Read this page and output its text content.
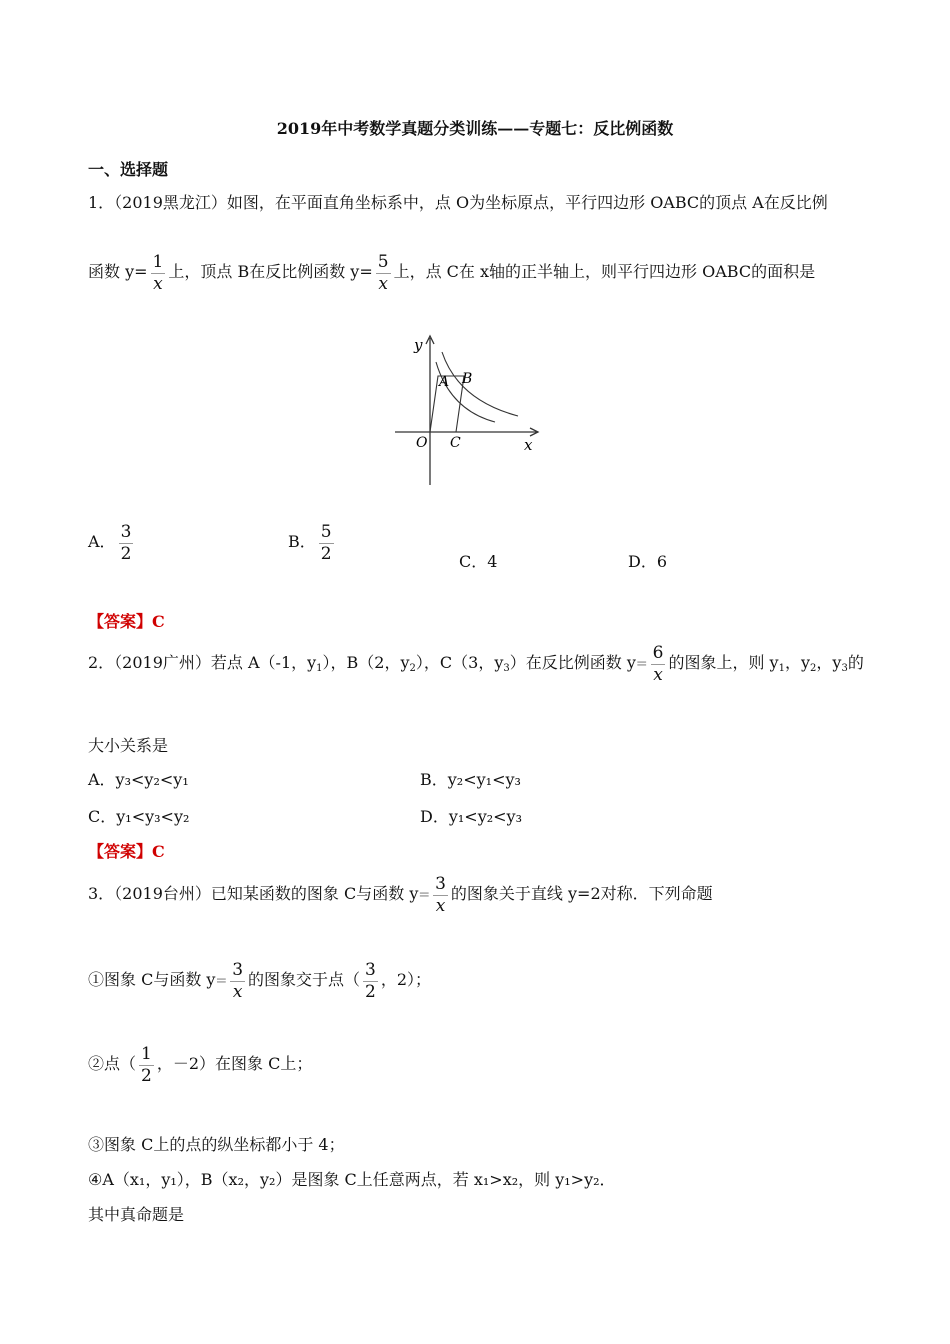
2019年中考数学真题分类训练——专题七：反比例函数
一、选择题
1．（2019黑龙江）如图，在平面直角坐标系中，点 O为坐标原点，平行四边形 OABC的顶点 A在反比例
函数 $y= \frac{1}{x}$ 上，顶点 B在反比例函数 $y= \frac{5}{x}$ 上，点 C在 x轴的正半轴上，则平行四边形 OABC的面积是
y
x
O
A B
C
A． $\frac{3}{2}$	B． $\frac{5}{2}$	C．4	D．6
【答案】C
2．（2019广州）若点 A（-1，$y_1$），B（2，$y_2$），C（3，$y_3$）在反比例函数 $y= \frac{6}{x}$ 的图象上，则 $y_1$，$y_2$，$y_3$的
大小关系是
A．y₃<y₂<y₁	B．y₂<y₁<y₃
C．y₁<y₃<y₂	D．y₁<y₂<y₃
【答案】C
3．（2019台州）已知某函数的图象 C与函数 $y= \frac{3}{x}$ 的图象关于直线 y=2对称．下列命题
①图象 C与函数 $y= \frac{3}{x}$ 的图象交于点（ $\frac{3}{2}$ ，2）；
②点（ $\frac{1}{2}$ ，－2）在图象 C上；
③图象 C上的点的纵坐标都小于 4；
④A（x₁，y₁），B（x₂，y₂）是图象 C上任意两点，若 x₁>x₂，则 y₁>y₂．
其中真命题是
